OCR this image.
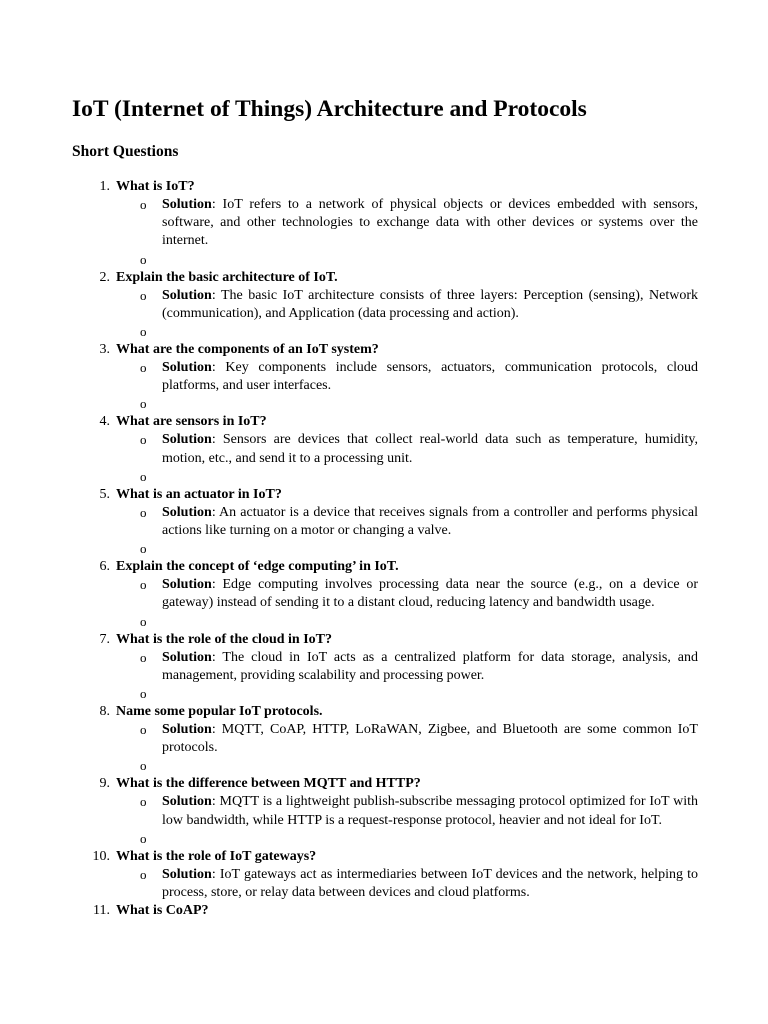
IoT (Internet of Things) Architecture and Protocols
Short Questions
1. What is IoT?
o Solution: IoT refers to a network of physical objects or devices embedded with sensors, software, and other technologies to exchange data with other devices or systems over the internet.
o
2. Explain the basic architecture of IoT.
o Solution: The basic IoT architecture consists of three layers: Perception (sensing), Network (communication), and Application (data processing and action).
o
3. What are the components of an IoT system?
o Solution: Key components include sensors, actuators, communication protocols, cloud platforms, and user interfaces.
o
4. What are sensors in IoT?
o Solution: Sensors are devices that collect real-world data such as temperature, humidity, motion, etc., and send it to a processing unit.
o
5. What is an actuator in IoT?
o Solution: An actuator is a device that receives signals from a controller and performs physical actions like turning on a motor or changing a valve.
o
6. Explain the concept of ‘edge computing’ in IoT.
o Solution: Edge computing involves processing data near the source (e.g., on a device or gateway) instead of sending it to a distant cloud, reducing latency and bandwidth usage.
o
7. What is the role of the cloud in IoT?
o Solution: The cloud in IoT acts as a centralized platform for data storage, analysis, and management, providing scalability and processing power.
o
8. Name some popular IoT protocols.
o Solution: MQTT, CoAP, HTTP, LoRaWAN, Zigbee, and Bluetooth are some common IoT protocols.
o
9. What is the difference between MQTT and HTTP?
o Solution: MQTT is a lightweight publish-subscribe messaging protocol optimized for IoT with low bandwidth, while HTTP is a request-response protocol, heavier and not ideal for IoT.
o
10. What is the role of IoT gateways?
o Solution: IoT gateways act as intermediaries between IoT devices and the network, helping to process, store, or relay data between devices and cloud platforms.
11. What is CoAP?
